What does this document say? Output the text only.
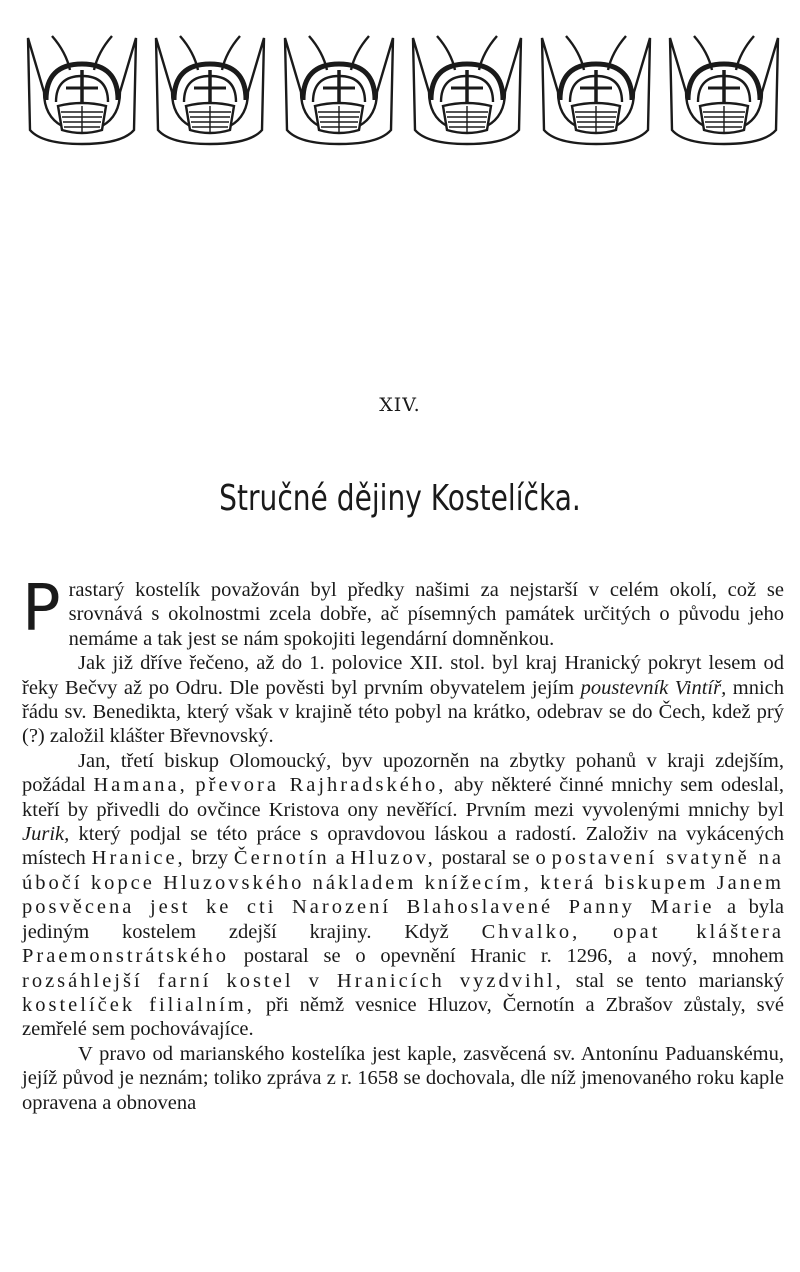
XIV.
Stručné dějiny Kostelíčka.

Prastarý kostelík považován byl předky našimi za nejstarší v celém okolí, což se srovnává s okolnostmi zcela dobře, ač písemných památek určitých o původu jeho nemáme a tak jest se nám spokojiti legendární domněnkou.

Jak již dříve řečeno, až do 1. polovice XII. stol. byl kraj Hranický pokryt lesem od řeky Bečvy až po Odru. Dle pověsti byl prvním obyvatelem jejím poustevník Vintíř, mnich řádu sv. Benedikta, který však v krajině této pobyl na krátko, odebrav se do Čech, kdež prý (?) založil klášter Břevnovský.

Jan, třetí biskup Olomoucký, byv upozorněn na zbytky pohanů v kraji zdejším, požádal Hamana, převora Rajhradského, aby některé činné mnichy sem odeslal, kteří by přivedli do ovčince Kristova ony nevěřící. Prvním mezi vyvolenými mnichy byl Jurik, který podjal se této práce s opravdovou láskou a radostí. Založiv na vykácených místech Hranice, brzy Černotín a Hluzov, postaral se o postavení svatyně na úbočí kopce Hluzovského nákladem knížecím, která biskupem Janem posvěcena jest ke cti Narození Blahoslavené Panny Marie a byla jediným kostelem zdejší krajiny. Když Chvalko, opat kláštera Praemonstrátského postaral se o opevnění Hranic r. 1296, a nový, mnohem rozsáhlejší farní kostel v Hranicích vyzdvihl, stal se tento marianský kostelíček filialním, při němž vesnice Hluzov, Černotín a Zbrašov zůstaly, své zemřelé sem pochovávajíce.

V pravo od marianského kostelíka jest kaple, zasvěcená sv. Antonínu Paduanskému, jejíž původ je neznám; toliko zpráva z r. 1658 se dochovala, dle níž jmenovaného roku kaple opravena a obnovena
